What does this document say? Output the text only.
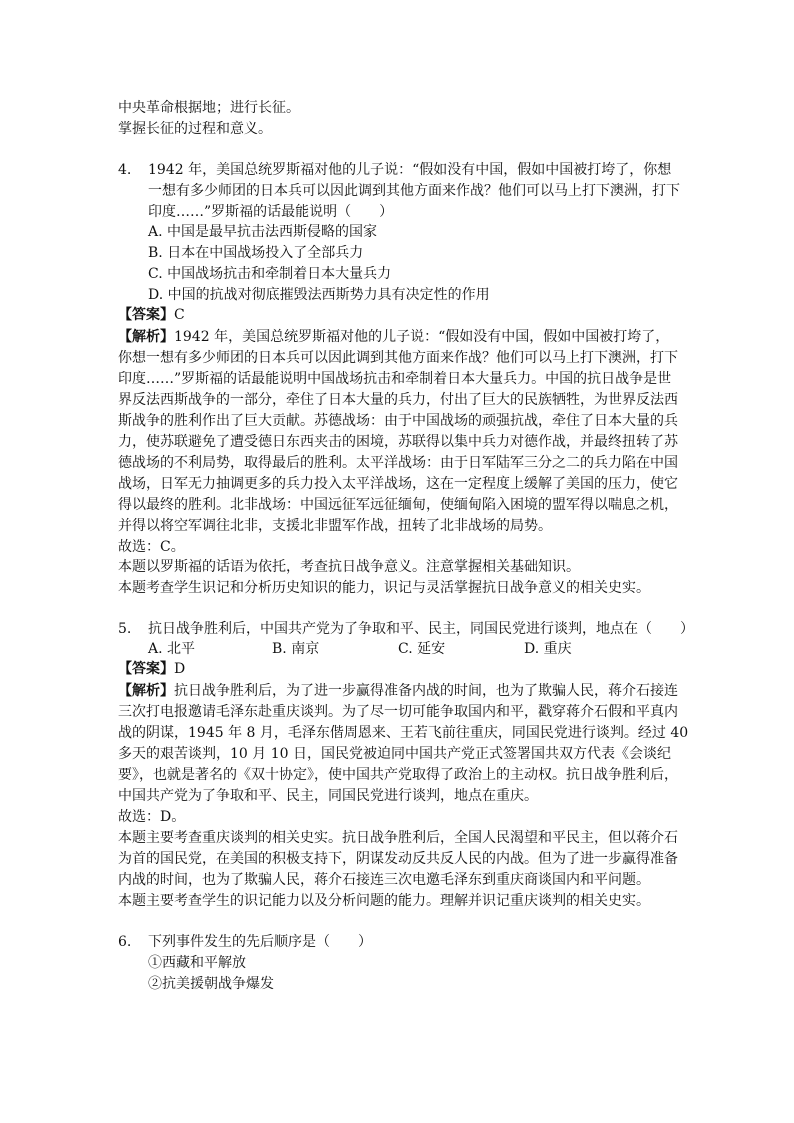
中央革命根据地；进行长征。
掌握长征的过程和意义。
4. 1942 年，美国总统罗斯福对他的儿子说：“假如没有中国，假如中国被打垮了，你想
一想有多少师团的日本兵可以因此调到其他方面来作战？他们可以马上打下澳洲，打下
印度……”罗斯福的话最能说明（　　）
A. 中国是最早抗击法西斯侵略的国家
B. 日本在中国战场投入了全部兵力
C. 中国战场抗击和牵制着日本大量兵力
D. 中国的抗战对彻底摧毁法西斯势力具有决定性的作用
【答案】C
【解析】1942 年，美国总统罗斯福对他的儿子说：“假如没有中国，假如中国被打垮了，
你想一想有多少师团的日本兵可以因此调到其他方面来作战？他们可以马上打下澳洲，打下
印度……”罗斯福的话最能说明中国战场抗击和牵制着日本大量兵力。中国的抗日战争是世
界反法西斯战争的一部分，牵住了日本大量的兵力，付出了巨大的民族牺牲，为世界反法西
斯战争的胜利作出了巨大贡献。苏德战场：由于中国战场的顽强抗战，牵住了日本大量的兵
力，使苏联避免了遭受德日东西夹击的困境，苏联得以集中兵力对德作战，并最终扭转了苏
德战场的不利局势，取得最后的胜利。太平洋战场：由于日军陆军三分之二的兵力陷在中国
战场，日军无力抽调更多的兵力投入太平洋战场，这在一定程度上缓解了美国的压力，使它
得以最终的胜利。北非战场：中国远征军远征缅甸，使缅甸陷入困境的盟军得以喘息之机，
并得以将空军调往北非，支援北非盟军作战，扭转了北非战场的局势。
故选：C。
本题以罗斯福的话语为依托，考查抗日战争意义。注意掌握相关基础知识。
本题考查学生识记和分析历史知识的能力，识记与灵活掌握抗日战争意义的相关史实。
5. 抗日战争胜利后，中国共产党为了争取和平、民主，同国民党进行谈判，地点在（　　）
A. 北平	B. 南京	C. 延安	D. 重庆
【答案】D
【解析】抗日战争胜利后，为了进一步赢得准备内战的时间，也为了欺骗人民，蒋介石接连
三次打电报邀请毛泽东赴重庆谈判。为了尽一切可能争取国内和平，戳穿蒋介石假和平真内
战的阴谋，1945 年 8 月，毛泽东偕周恩来、王若飞前往重庆，同国民党进行谈判。经过 40
多天的艰苦谈判，10 月 10 日，国民党被迫同中国共产党正式签署国共双方代表《会谈纪
要》，也就是著名的《双十协定》，使中国共产党取得了政治上的主动权。抗日战争胜利后，
中国共产党为了争取和平、民主，同国民党进行谈判，地点在重庆。
故选：D。
本题主要考查重庆谈判的相关史实。抗日战争胜利后，全国人民渴望和平民主，但以蒋介石
为首的国民党，在美国的积极支持下，阴谋发动反共反人民的内战。但为了进一步赢得准备
内战的时间，也为了欺骗人民，蒋介石接连三次电邀毛泽东到重庆商谈国内和平问题。
本题主要考查学生的识记能力以及分析问题的能力。理解并识记重庆谈判的相关史实。
6. 下列事件发生的先后顺序是（　　）
①西藏和平解放
②抗美援朝战争爆发
